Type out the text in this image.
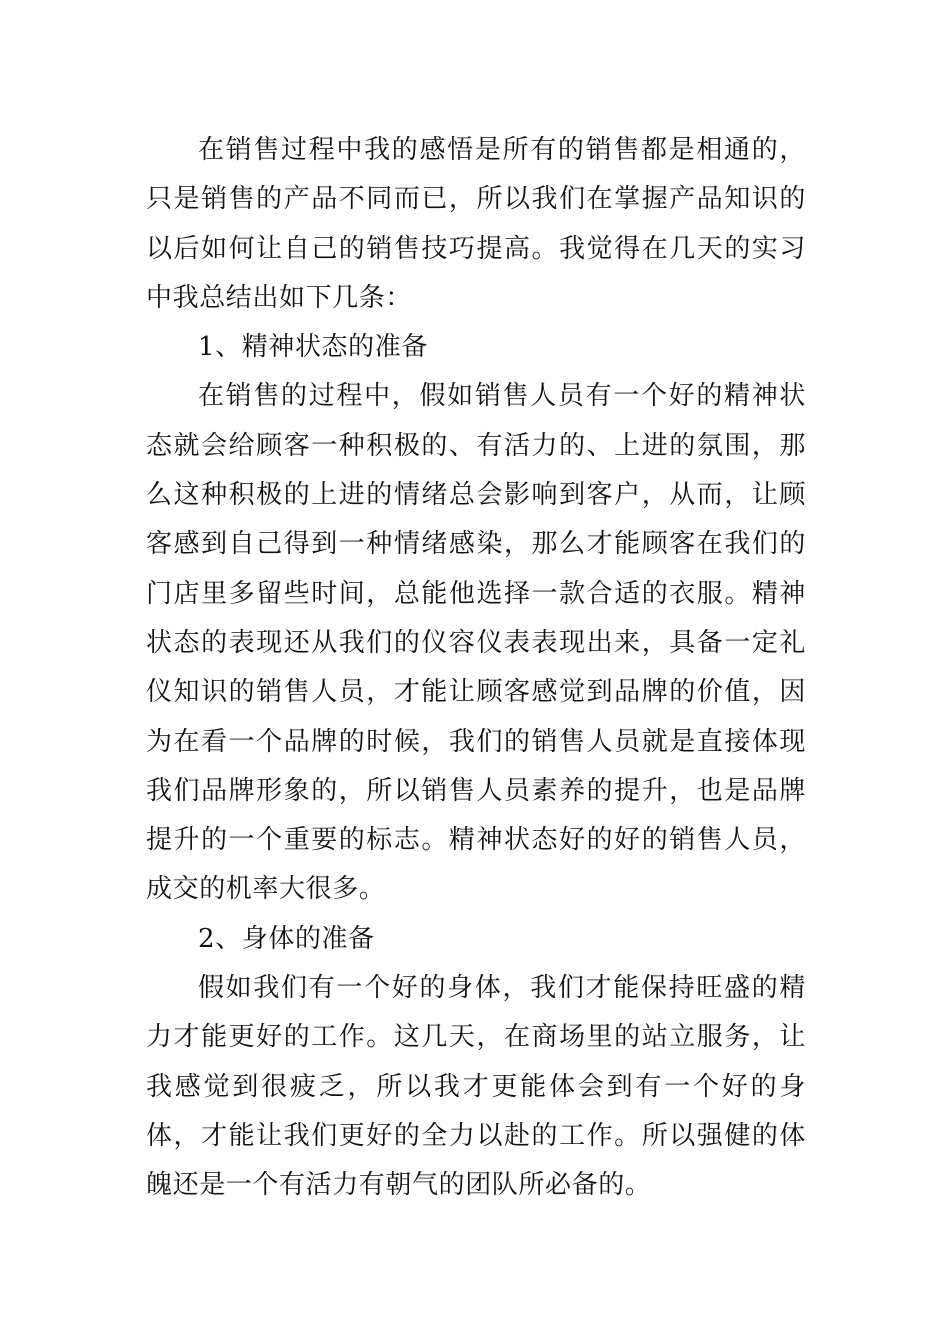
在销售过程中我的感悟是所有的销售都是相通的，只是销售的产品不同而已，所以我们在掌握产品知识的以后如何让自己的销售技巧提高。我觉得在几天的实习中我总结出如下几条：

1、精神状态的准备

在销售的过程中，假如销售人员有一个好的精神状态就会给顾客一种积极的、有活力的、上进的氛围，那么这种积极的上进的情绪总会影响到客户，从而，让顾客感到自己得到一种情绪感染，那么才能顾客在我们的门店里多留些时间，总能他选择一款合适的衣服。精神状态的表现还从我们的仪容仪表表现出来，具备一定礼仪知识的销售人员，才能让顾客感觉到品牌的价值，因为在看一个品牌的时候，我们的销售人员就是直接体现我们品牌形象的，所以销售人员素养的提升，也是品牌提升的一个重要的标志。精神状态好的好的销售人员，成交的机率大很多。

2、身体的准备

假如我们有一个好的身体，我们才能保持旺盛的精力才能更好的工作。这几天，在商场里的站立服务，让我感觉到很疲乏，所以我才更能体会到有一个好的身体，才能让我们更好的全力以赴的工作。所以强健的体魄还是一个有活力有朝气的团队所必备的。
